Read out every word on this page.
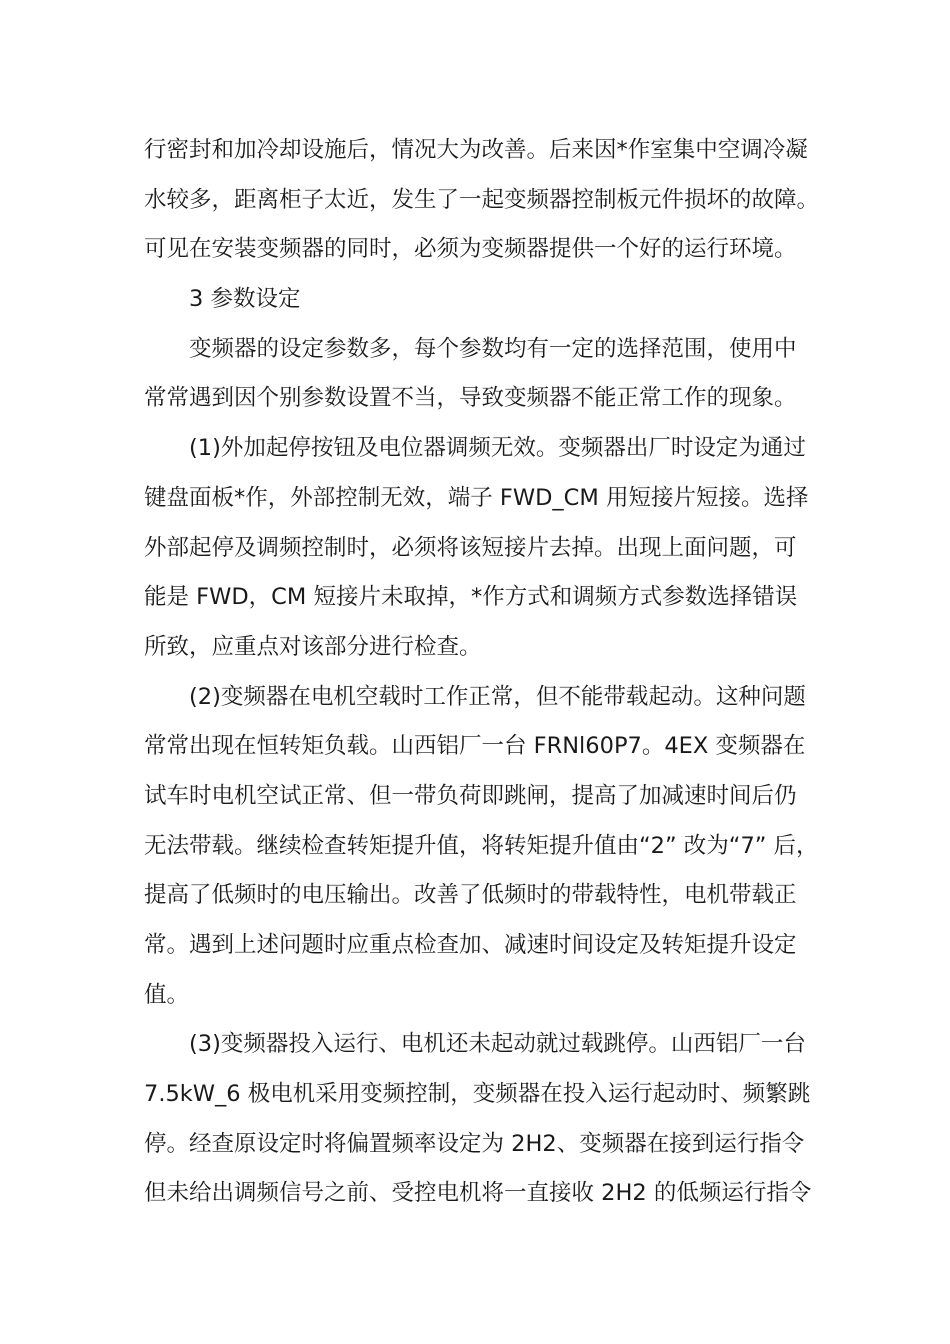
行密封和加冷却设施后，情况大为改善。后来因*作室集中空调冷凝
水较多，距离柜子太近，发生了一起变频器控制板元件损坏的故障。
可见在安装变频器的同时，必须为变频器提供一个好的运行环境。
3 参数设定
变频器的设定参数多，每个参数均有一定的选择范围，使用中
常常遇到因个别参数设置不当，导致变频器不能正常工作的现象。
(1)外加起停按钮及电位器调频无效。变频器出厂时设定为通过
键盘面板*作，外部控制无效，端子 FWD_CM 用短接片短接。选择
外部起停及调频控制时，必须将该短接片去掉。出现上面问题，可
能是 FWD，CM 短接片未取掉，*作方式和调频方式参数选择错误
所致，应重点对该部分进行检查。
(2)变频器在电机空载时工作正常，但不能带载起动。这种问题
常常出现在恒转矩负载。山西铝厂一台 FRNl60P7。4EX 变频器在
试车时电机空试正常、但一带负荷即跳闸，提高了加减速时间后仍
无法带载。继续检查转矩提升值，将转矩提升值由“2” 改为“7” 后，
提高了低频时的电压输出。改善了低频时的带载特性，电机带载正
常。遇到上述问题时应重点检查加、减速时间设定及转矩提升设定
值。
(3)变频器投入运行、电机还未起动就过载跳停。山西铝厂一台
7.5kW_6 极电机采用变频控制，变频器在投入运行起动时、频繁跳
停。经查原设定时将偏置频率设定为 2H2、变频器在接到运行指令
但未给出调频信号之前、受控电机将一直接收 2H2 的低频运行指令
